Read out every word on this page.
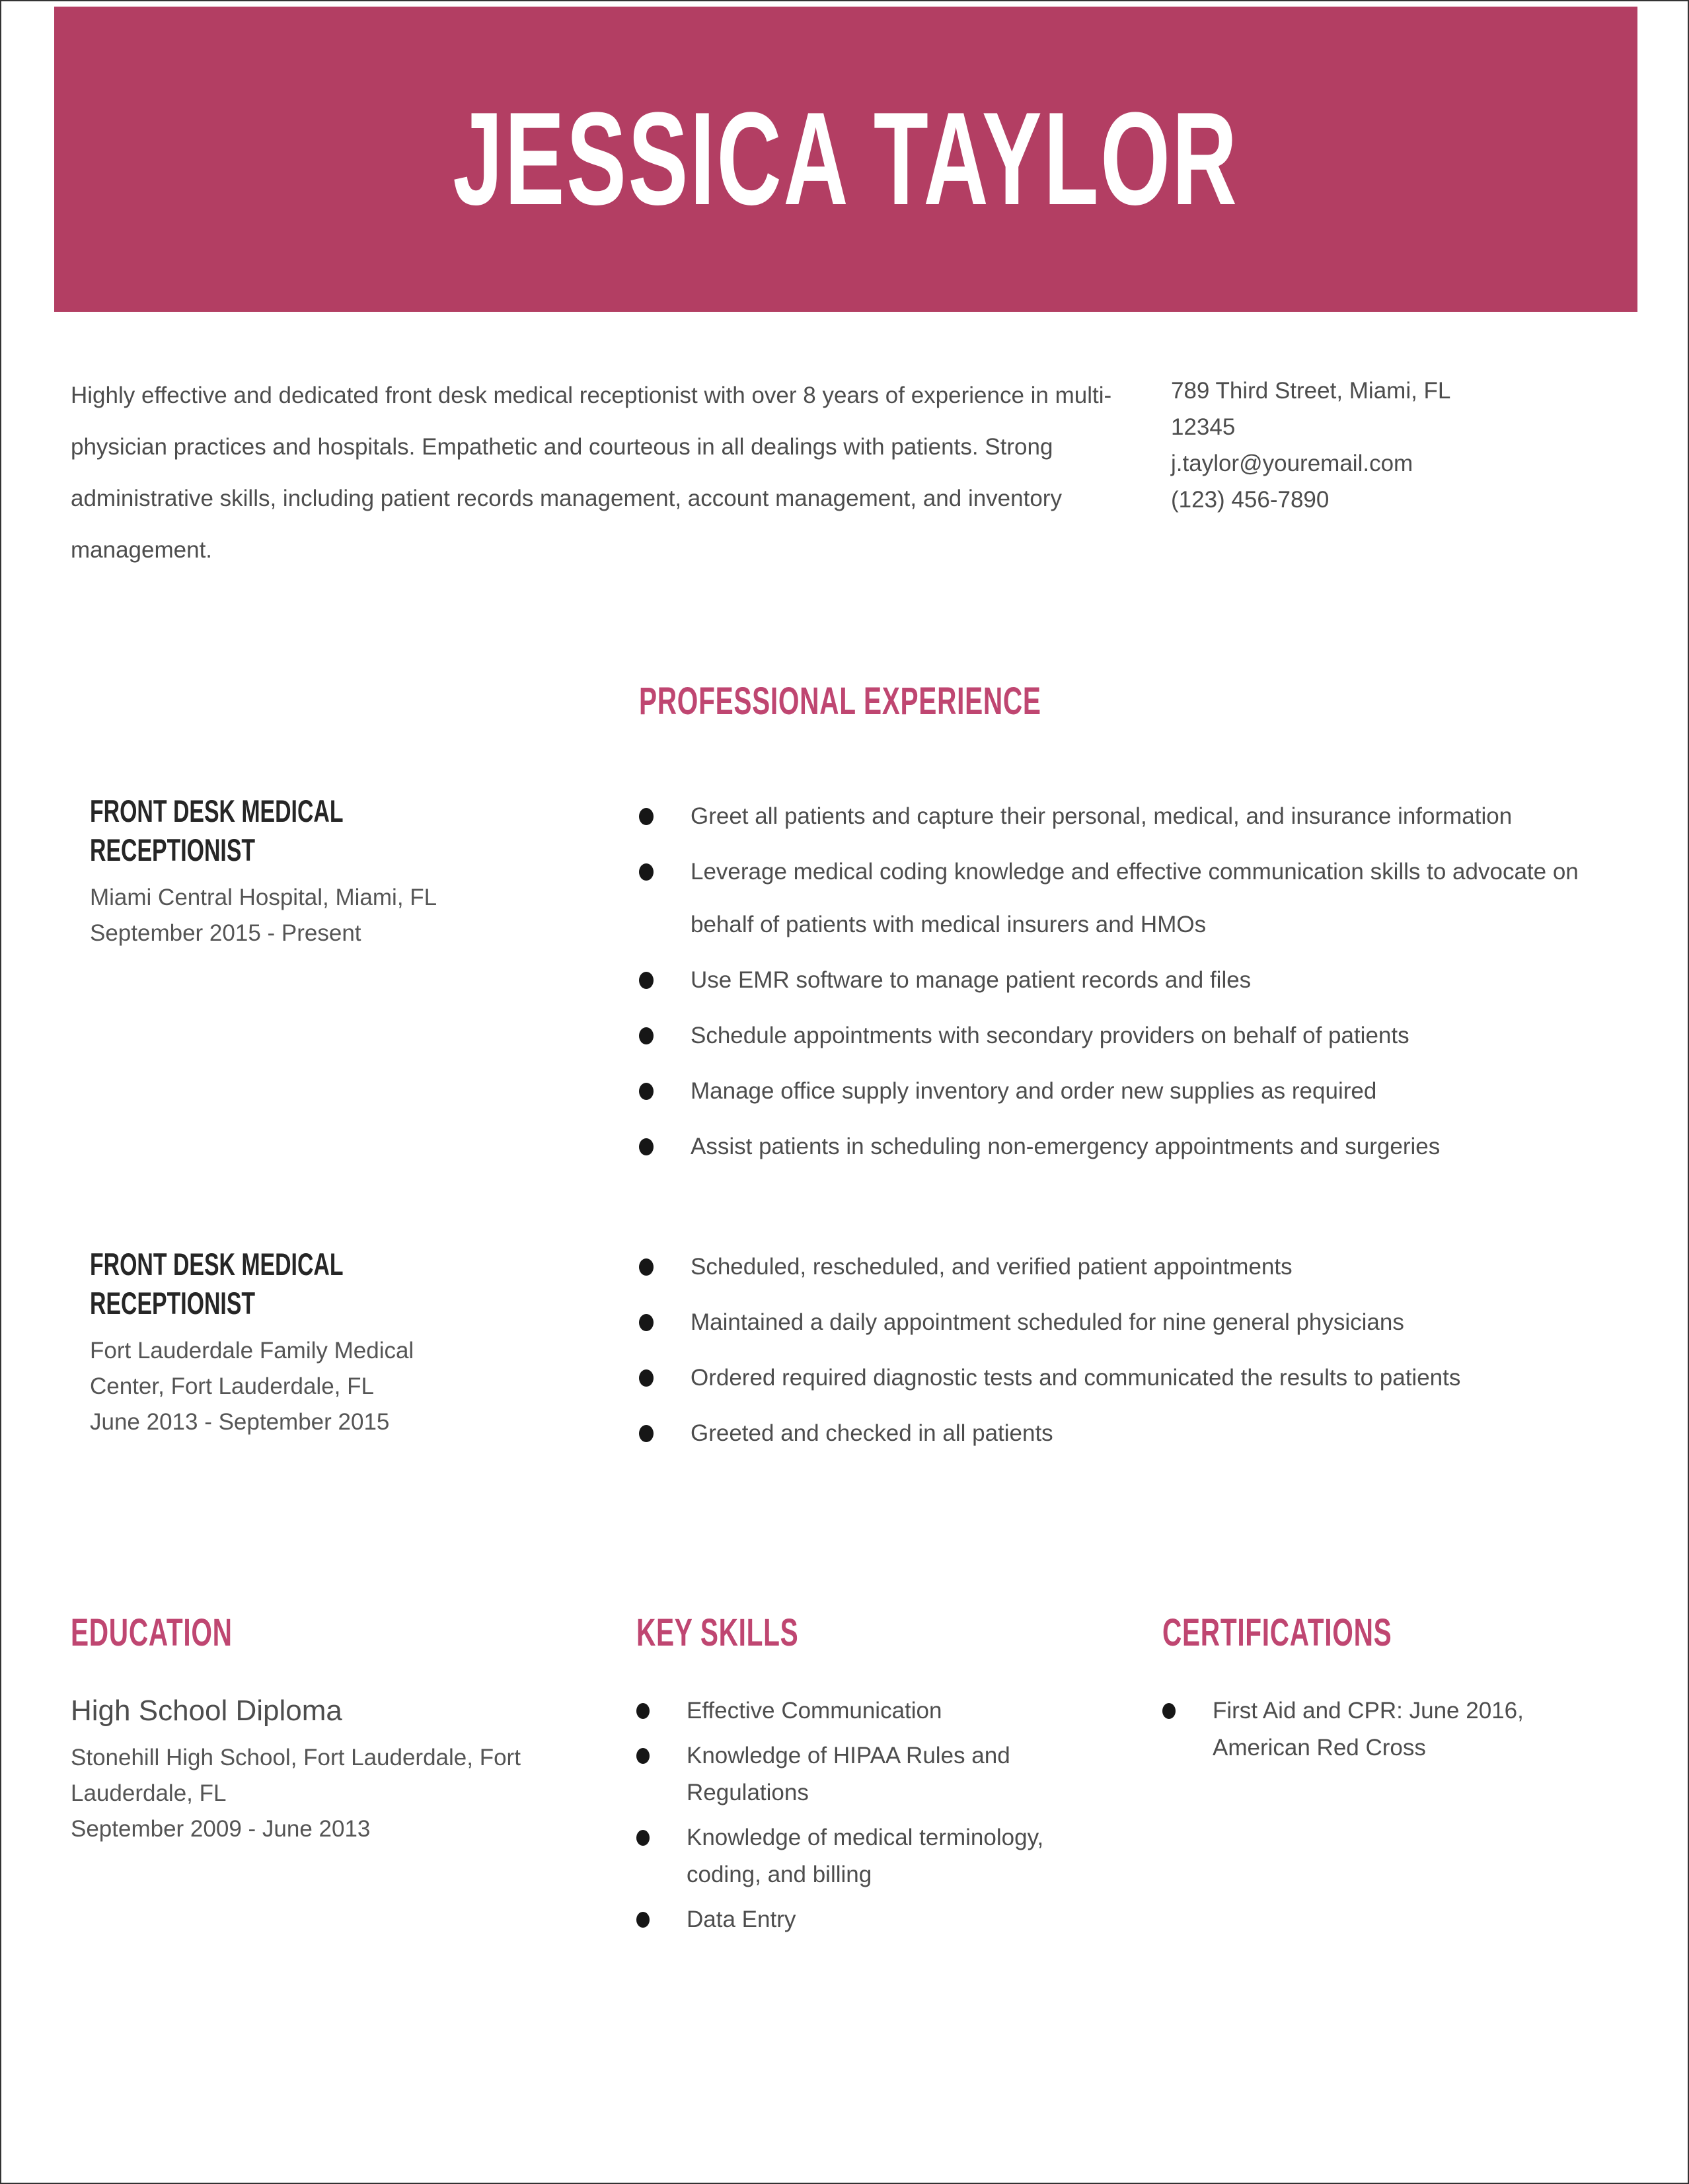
JESSICA TAYLOR

Highly effective and dedicated front desk medical receptionist with over 8 years of experience in multi-physician practices and hospitals. Empathetic and courteous in all dealings with patients. Strong administrative skills, including patient records management, account management, and inventory management.

789 Third Street, Miami, FL
12345
j.taylor@youremail.com
(123) 456-7890
PROFESSIONAL EXPERIENCE
FRONT DESK MEDICAL RECEPTIONIST
Miami Central Hospital, Miami, FL
September 2015 - Present
Greet all patients and capture their personal, medical, and insurance information
Leverage medical coding knowledge and effective communication skills to advocate on behalf of patients with medical insurers and HMOs
Use EMR software to manage patient records and files
Schedule appointments with secondary providers on behalf of patients
Manage office supply inventory and order new supplies as required
Assist patients in scheduling non-emergency appointments and surgeries
FRONT DESK MEDICAL RECEPTIONIST
Fort Lauderdale Family Medical Center, Fort Lauderdale, FL
June 2013 - September 2015
Scheduled, rescheduled, and verified patient appointments
Maintained a daily appointment scheduled for nine general physicians
Ordered required diagnostic tests and communicated the results to patients
Greeted and checked in all patients
EDUCATION	KEY SKILLS	CERTIFICATIONS
High School Diploma
Stonehill High School, Fort Lauderdale, Fort Lauderdale, FL
September 2009 - June 2013
Effective Communication
Knowledge of HIPAA Rules and Regulations
Knowledge of medical terminology, coding, and billing
Data Entry
First Aid and CPR: June 2016, American Red Cross
